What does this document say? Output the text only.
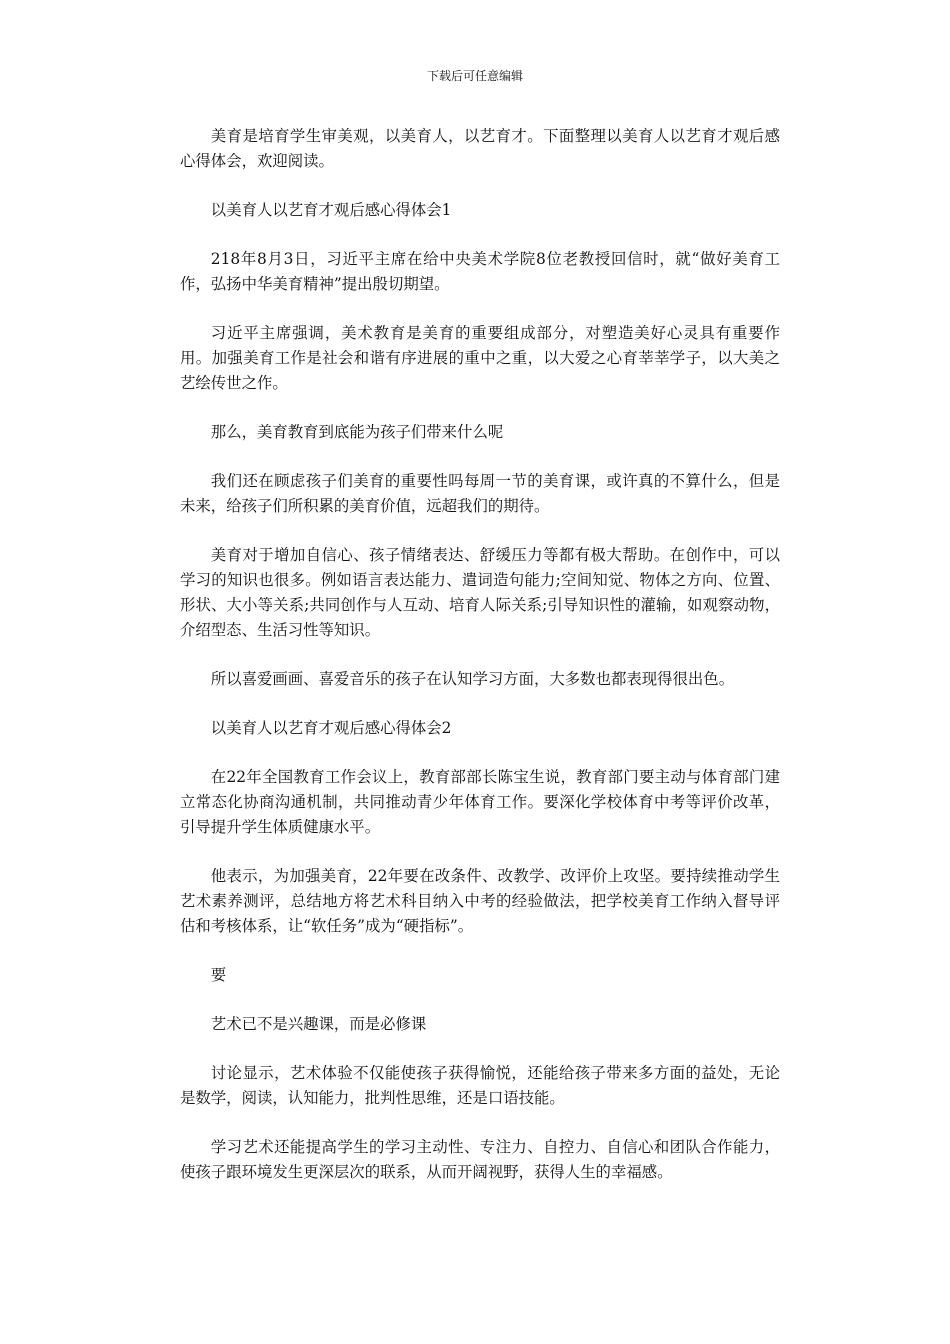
下载后可任意编辑

美育是培育学生审美观，以美育人，以艺育才。下面整理以美育人以艺育才观后感心得体会，欢迎阅读。

以美育人以艺育才观后感心得体会1

218年8月3日，习近平主席在给中央美术学院8位老教授回信时，就“做好美育工作，弘扬中华美育精神”提出殷切期望。

习近平主席强调，美术教育是美育的重要组成部分，对塑造美好心灵具有重要作用。加强美育工作是社会和谐有序进展的重中之重，以大爱之心育莘莘学子，以大美之艺绘传世之作。

那么，美育教育到底能为孩子们带来什么呢

我们还在顾虑孩子们美育的重要性吗每周一节的美育课，或许真的不算什么，但是未来，给孩子们所积累的美育价值，远超我们的期待。

美育对于增加自信心、孩子情绪表达、舒缓压力等都有极大帮助。在创作中，可以学习的知识也很多。例如语言表达能力、遣词造句能力;空间知觉、物体之方向、位置、形状、大小等关系;共同创作与人互动、培育人际关系;引导知识性的灌输，如观察动物，介绍型态、生活习性等知识。

所以喜爱画画、喜爱音乐的孩子在认知学习方面，大多数也都表现得很出色。

以美育人以艺育才观后感心得体会2

在22年全国教育工作会议上，教育部部长陈宝生说，教育部门要主动与体育部门建立常态化协商沟通机制，共同推动青少年体育工作。要深化学校体育中考等评价改革，引导提升学生体质健康水平。

他表示，为加强美育，22年要在改条件、改教学、改评价上攻坚。要持续推动学生艺术素养测评，总结地方将艺术科目纳入中考的经验做法，把学校美育工作纳入督导评估和考核体系，让“软任务”成为“硬指标”。

要

艺术已不是兴趣课，而是必修课

讨论显示，艺术体验不仅能使孩子获得愉悦，还能给孩子带来多方面的益处，无论是数学，阅读，认知能力，批判性思维，还是口语技能。

学习艺术还能提高学生的学习主动性、专注力、自控力、自信心和团队合作能力，使孩子跟环境发生更深层次的联系，从而开阔视野，获得人生的幸福感。
